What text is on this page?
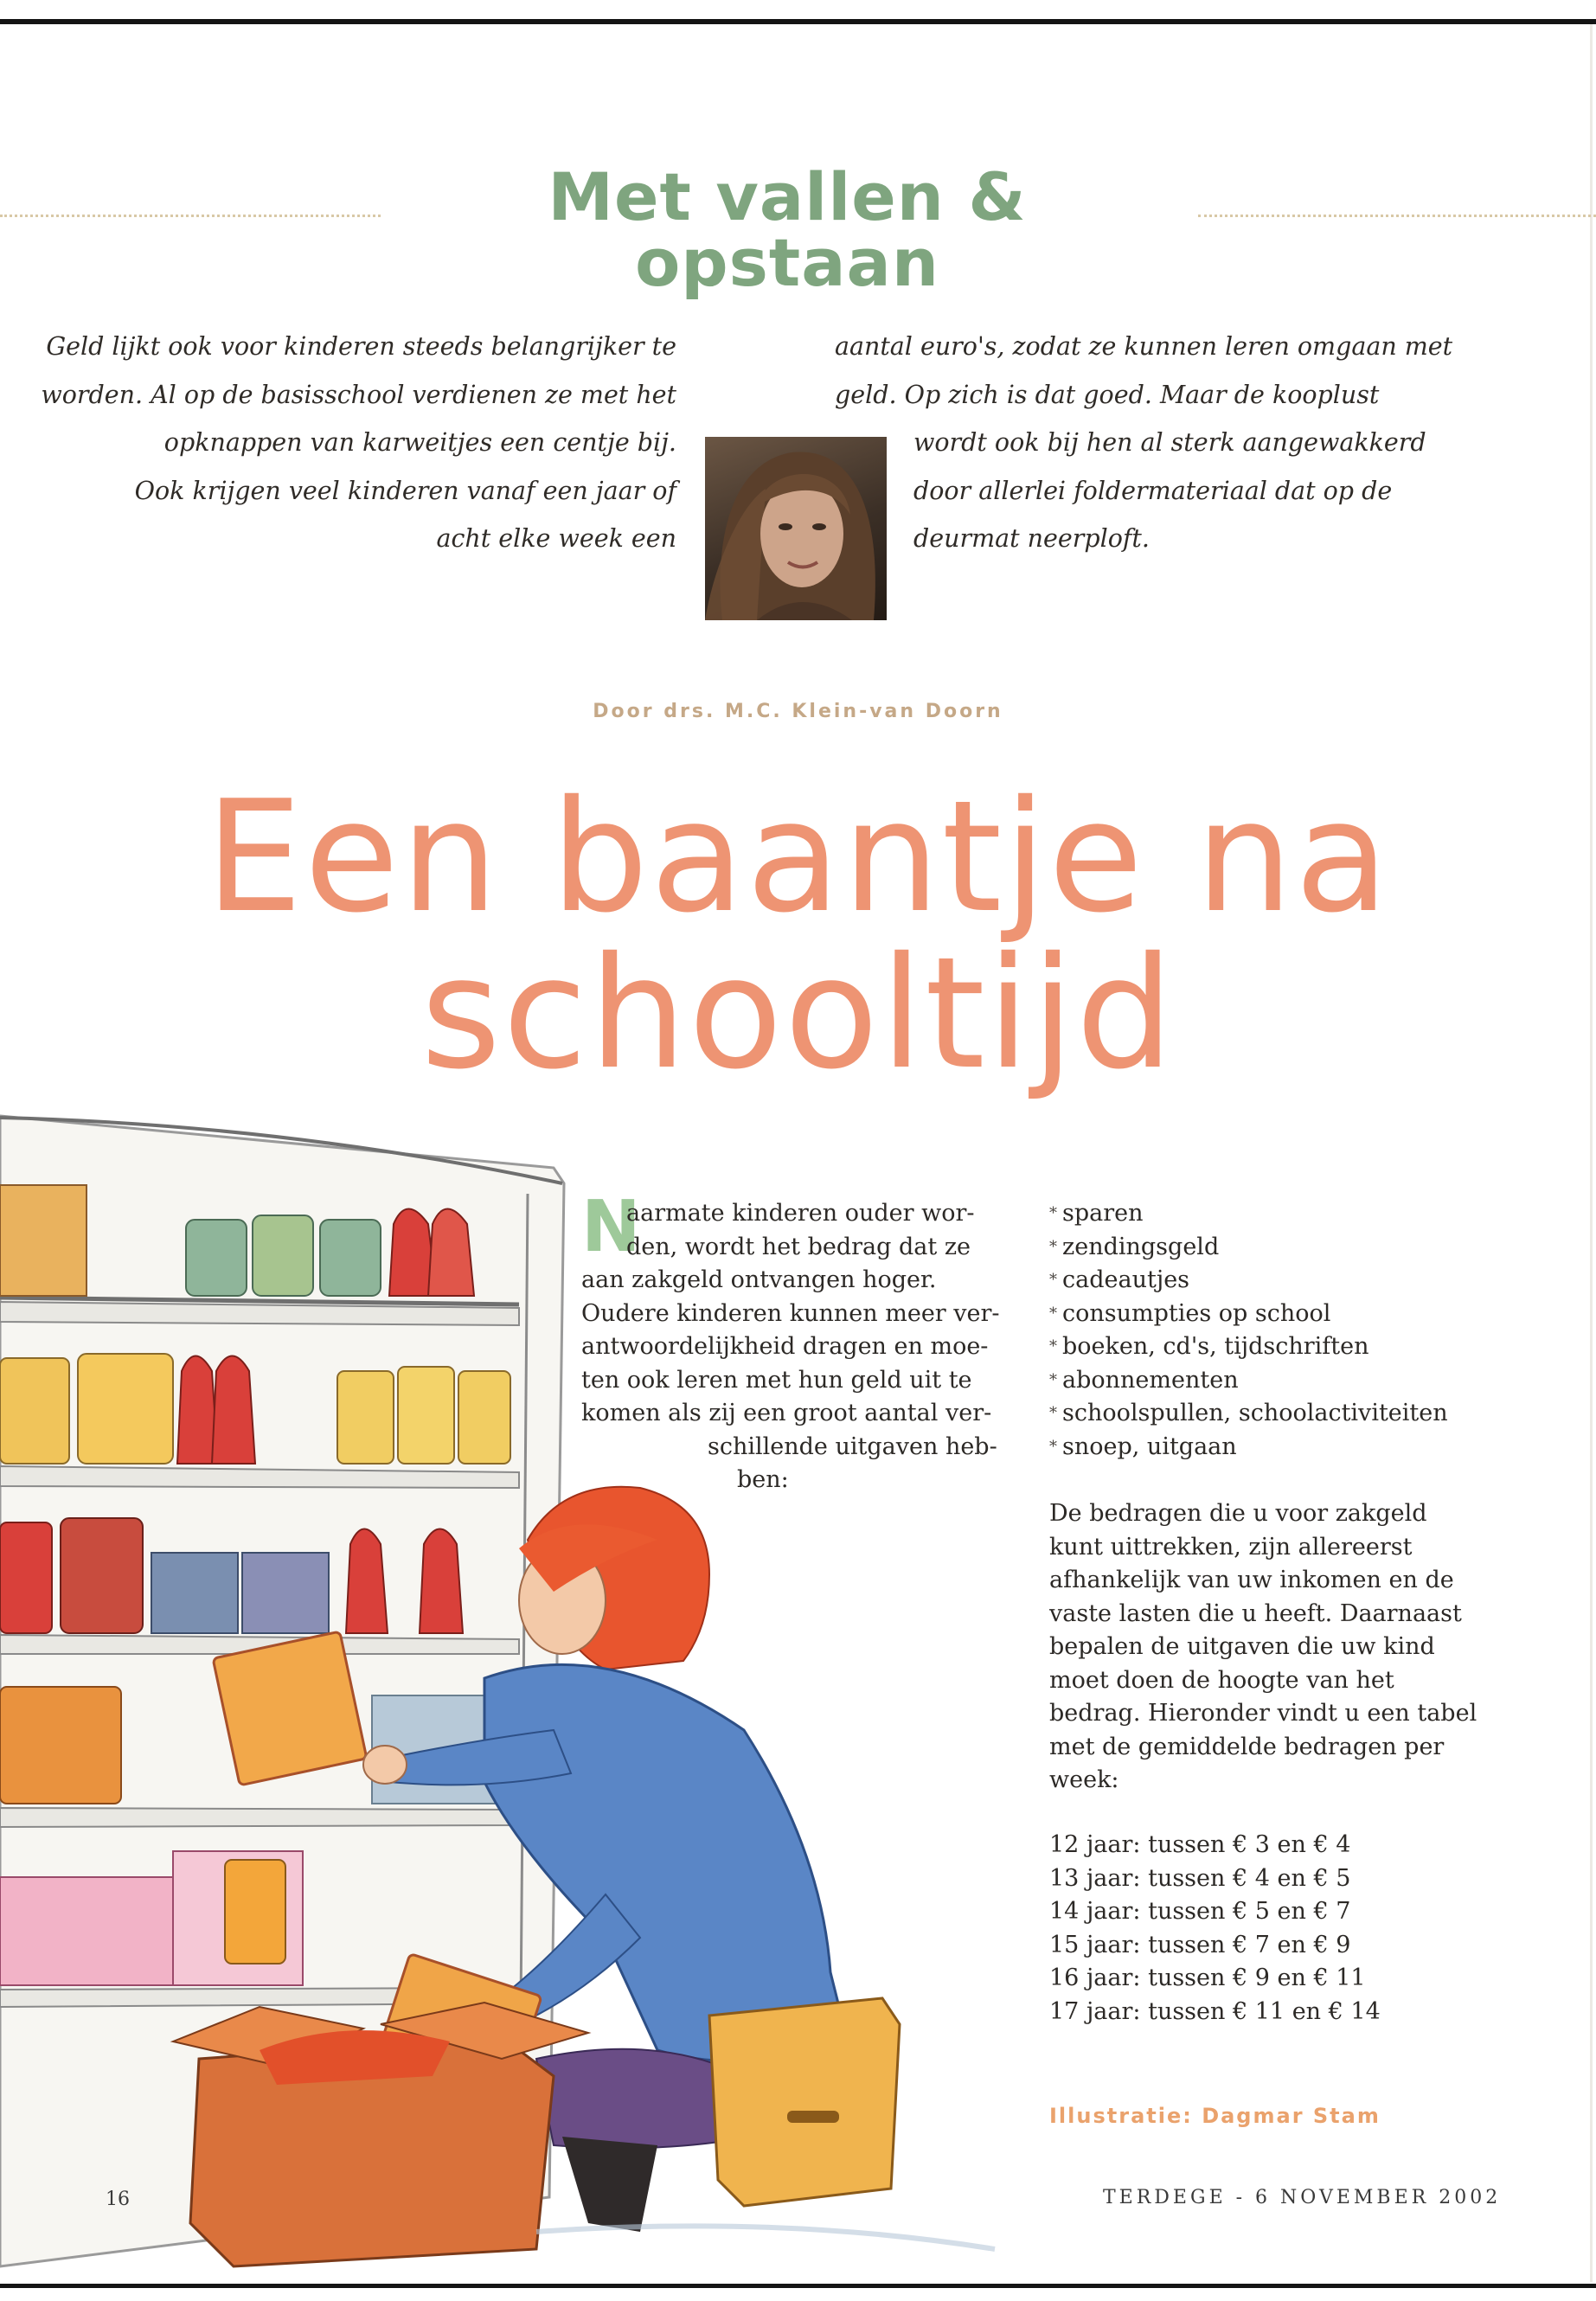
Met vallen & opstaan
Geld lijkt ook voor kinderen steeds belangrijker te
worden. Al op de basisschool verdienen ze met het
opknappen van karweitjes een centje bij.
Ook krijgen veel kinderen vanaf een jaar of
acht elke week een
aantal euro's, zodat ze kunnen leren omgaan met
geld. Op zich is dat goed. Maar de kooplust
wordt ook bij hen al sterk aangewakkerd
door allerlei foldermateriaal dat op de
deurmat neerploft.
Door drs. M.C. Klein-van Doorn
Een baantje na
schooltijd
N
aarmate kinderen ouder wor-
den, wordt het bedrag dat ze
aan zakgeld ontvangen hoger.
Oudere kinderen kunnen meer ver-
antwoordelijkheid dragen en moe-
ten ook leren met hun geld uit te
komen als zij een groot aantal ver-
schillende uitgaven heb-
ben:
* sparen
* zendingsgeld
* cadeautjes
* consumpties op school
* boeken, cd's, tijdschriften
* abonnementen
* schoolspullen, schoolactiviteiten
* snoep, uitgaan
De bedragen die u voor zakgeld
kunt uittrekken, zijn allereerst
afhankelijk van uw inkomen en de
vaste lasten die u heeft. Daarnaast
bepalen de uitgaven die uw kind
moet doen de hoogte van het
bedrag. Hieronder vindt u een tabel
met de gemiddelde bedragen per
week:
12 jaar: tussen € 3 en € 4
13 jaar: tussen € 4 en € 5
14 jaar: tussen € 5 en € 7
15 jaar: tussen € 7 en € 9
16 jaar: tussen € 9 en € 11
17 jaar: tussen € 11 en € 14
Illustratie: Dagmar Stam
16	TERDEGE - 6 NOVEMBER 2002
